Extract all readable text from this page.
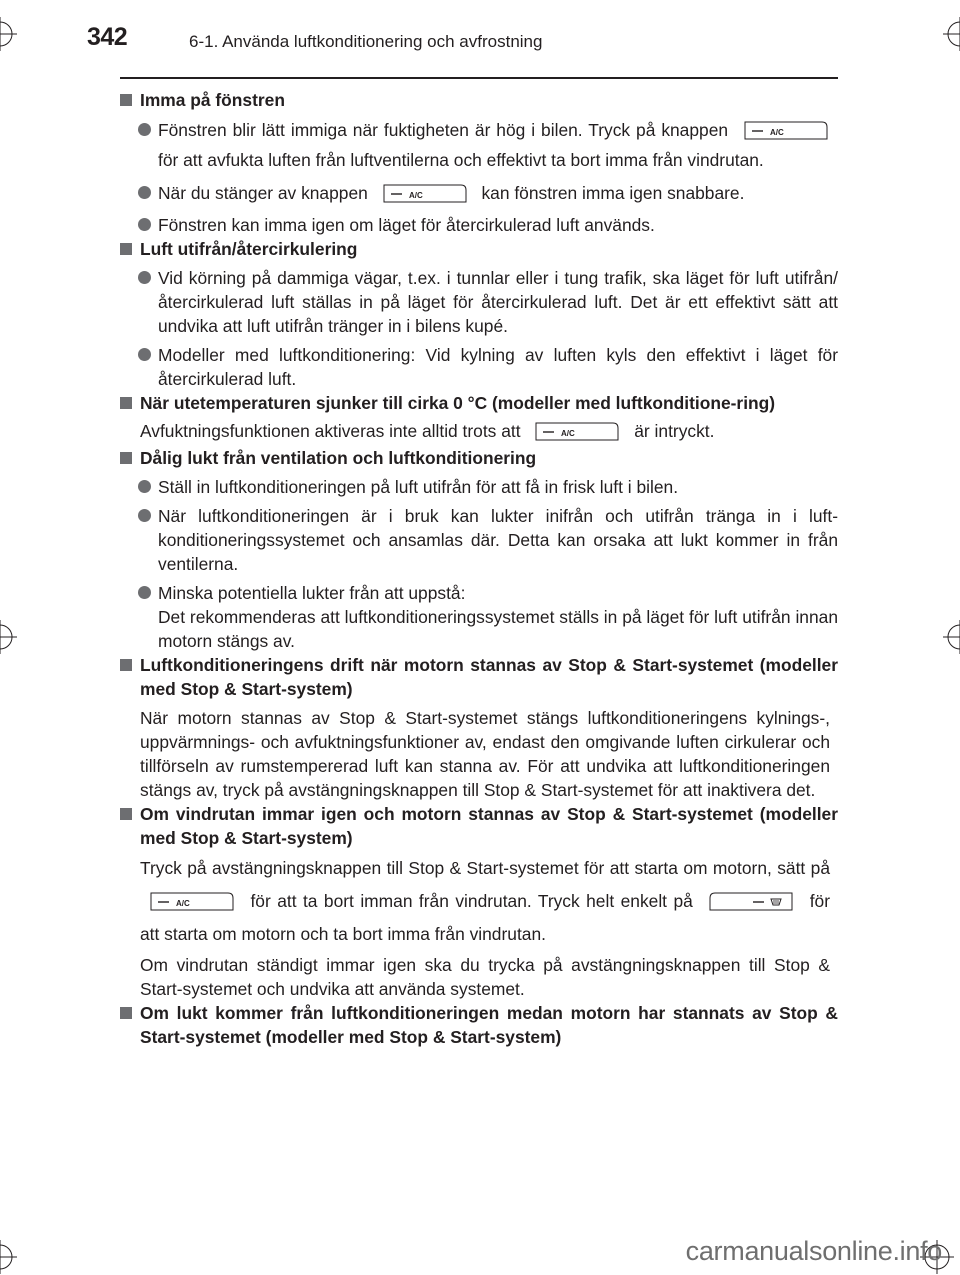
342	6-1. Använda luftkonditionering och avfrostning
Imma på fönstren
Fönstren blir lätt immiga när fuktigheten är hög i bilen. Tryck på knappen	A/C
för att avfukta luften från luftventilerna och effektivt ta bort imma från vindrutan.
När du stänger av knappen	A/C	kan fönstren imma igen snabbare.
Fönstren kan imma igen om läget för återcirkulerad luft används.
Luft utifrån/återcirkulering
Vid körning på dammiga vägar, t.ex. i tunnlar eller i tung trafik, ska läget för luft utifrån/återcirkulerad luft ställas in på läget för återcirkulerad luft. Det är ett effektivt sätt att undvika att luft utifrån tränger in i bilens kupé.
Modeller med luftkonditionering: Vid kylning av luften kyls den effektivt i läget för återcirkulerad luft.
När utetemperaturen sjunker till cirka 0 °C (modeller med luftkonditione-ring)
Avfuktningsfunktionen aktiveras inte alltid trots att	A/C	är intryckt.
Dålig lukt från ventilation och luftkonditionering
Ställ in luftkonditioneringen på luft utifrån för att få in frisk luft i bilen.
När luftkonditioneringen är i bruk kan lukter inifrån och utifrån tränga in i luft-konditioneringssystemet och ansamlas där. Detta kan orsaka att lukt kommer in från ventilerna.
Minska potentiella lukter från att uppstå:
Det rekommenderas att luftkonditioneringssystemet ställs in på läget för luft utifrån innan motorn stängs av.
Luftkonditioneringens drift när motorn stannas av Stop & Start-systemet (modeller med Stop & Start-system)
När motorn stannas av Stop & Start-systemet stängs luftkonditioneringens kylnings-, uppvärmnings- och avfuktningsfunktioner av, endast den omgivande luften cirkulerar och tillförseln av rumstempererad luft kan stanna av. För att undvika att luftkonditioneringen stängs av, tryck på avstängningsknappen till Stop & Start-systemet för att inaktivera det.
Om vindrutan immar igen och motorn stannas av Stop & Start-systemet (modeller med Stop & Start-system)
Tryck på avstängningsknappen till Stop & Start-systemet för att starta om motorn, sätt på
A/C	för att ta bort imman från vindrutan. Tryck helt enkelt på	för att starta om motorn och ta bort imma från vindrutan.
Om vindrutan ständigt immar igen ska du trycka på avstängningsknappen till Stop & Start-systemet och undvika att använda systemet.
Om lukt kommer från luftkonditioneringen medan motorn har stannats av Stop & Start-systemet (modeller med Stop & Start-system)
carmanualsonline.info
